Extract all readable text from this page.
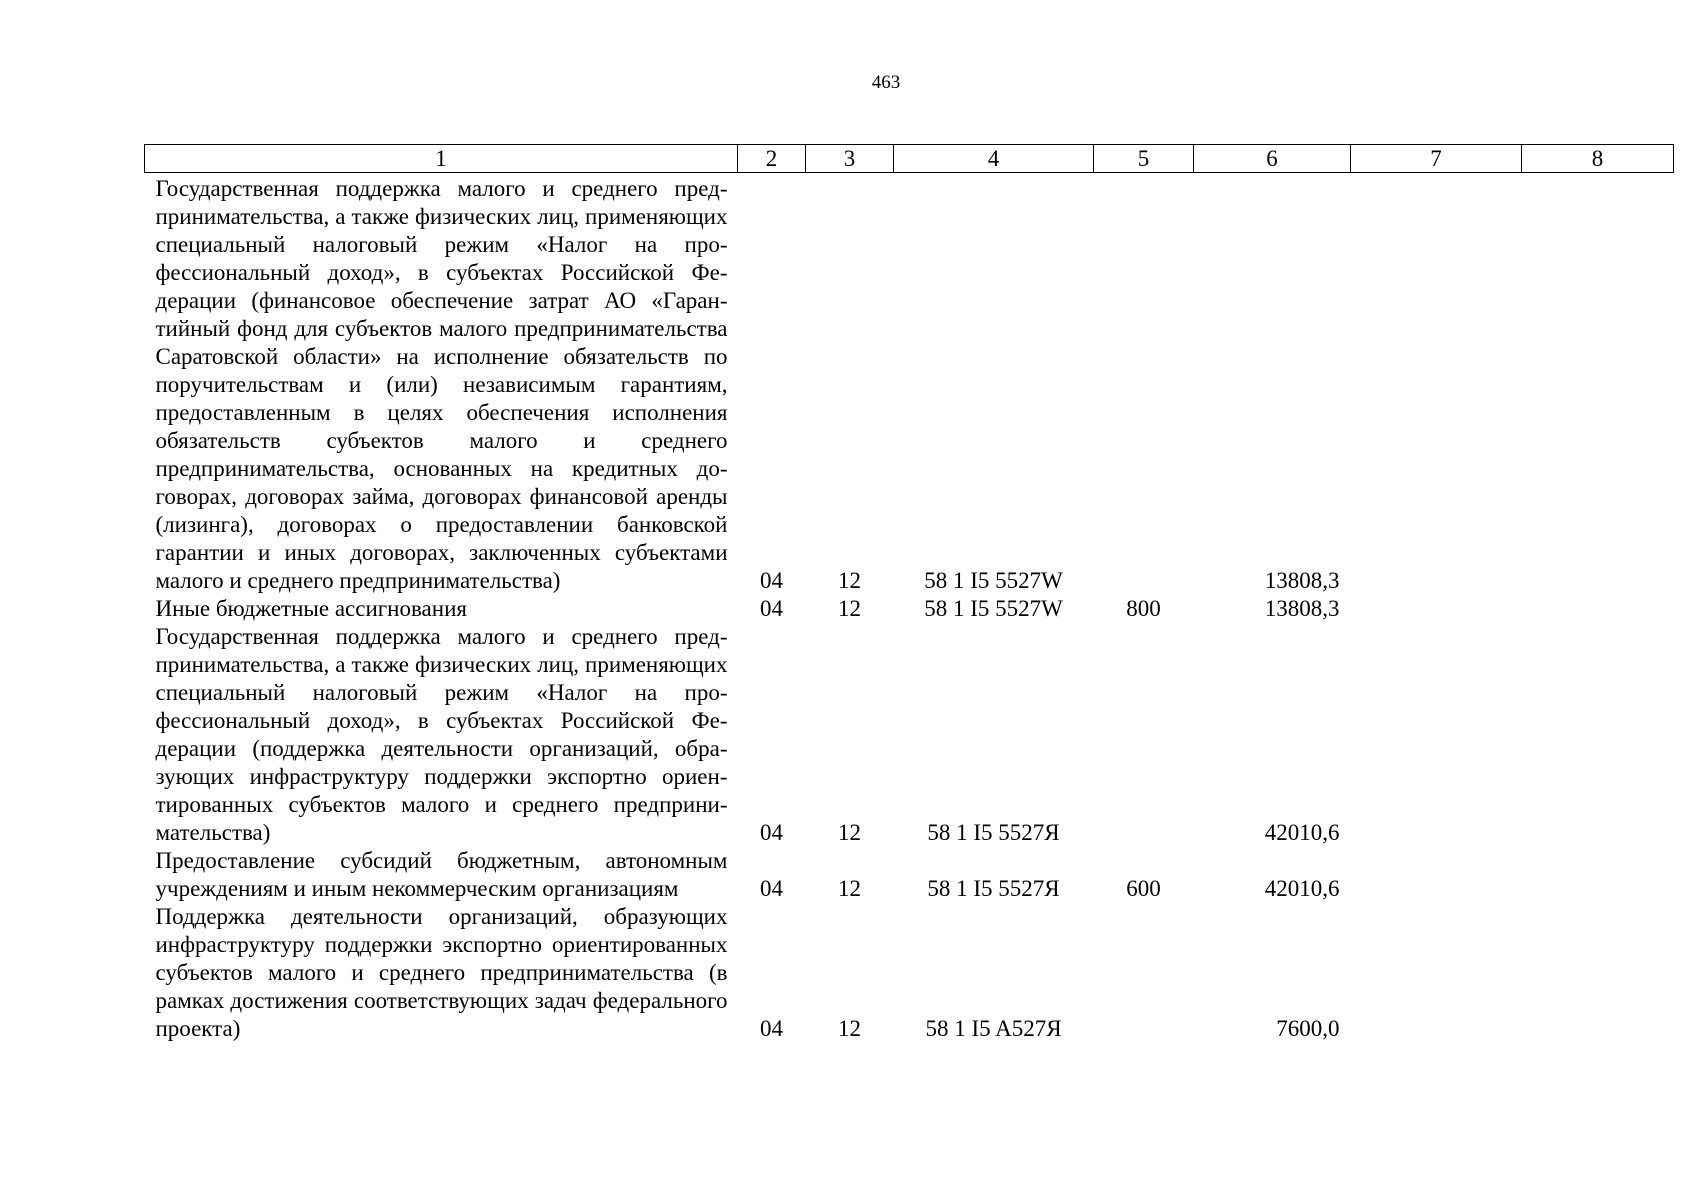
463
1	2	3	4	5	6	7	8
Государственная поддержка малого и среднего предпринимательства, а также физических лиц, применяющих специальный налоговый режим «Налог на профессиональный доход», в субъектах Российской Федерации (финансовое обеспечение затрат АО «Гарантийный фонд для субъектов малого предпринимательства Саратовской области» на исполнение обязательств по поручительствам и (или) независимым гарантиям, предоставленным в целях обеспечения исполнения обязательств субъектов малого и среднего предпринимательства, основанных на кредитных договорах, договорах займа, договорах финансовой аренды (лизинга), договорах о предоставлении банковской гарантии и иных договорах, заключенных субъектами малого и среднего предпринимательства)	04	12	58 1 I5 5527W		13808,3		
Иные бюджетные ассигнования	04	12	58 1 I5 5527W	800	13808,3		
Государственная поддержка малого и среднего предпринимательства, а также физических лиц, применяющих специальный налоговый режим «Налог на профессиональный доход», в субъектах Российской Федерации (поддержка деятельности организаций, образующих инфраструктуру поддержки экспортно ориентированных субъектов малого и среднего предпринимательства)	04	12	58 1 I5 5527Я		42010,6		
Предоставление субсидий бюджетным, автономным учреждениям и иным некоммерческим организациям	04	12	58 1 I5 5527Я	600	42010,6		
Поддержка деятельности организаций, образующих инфраструктуру поддержки экспортно ориентированных субъектов малого и среднего предпринимательства (в рамках достижения соответствующих задач федерального проекта)	04	12	58 1 I5 A527Я		7600,0		
